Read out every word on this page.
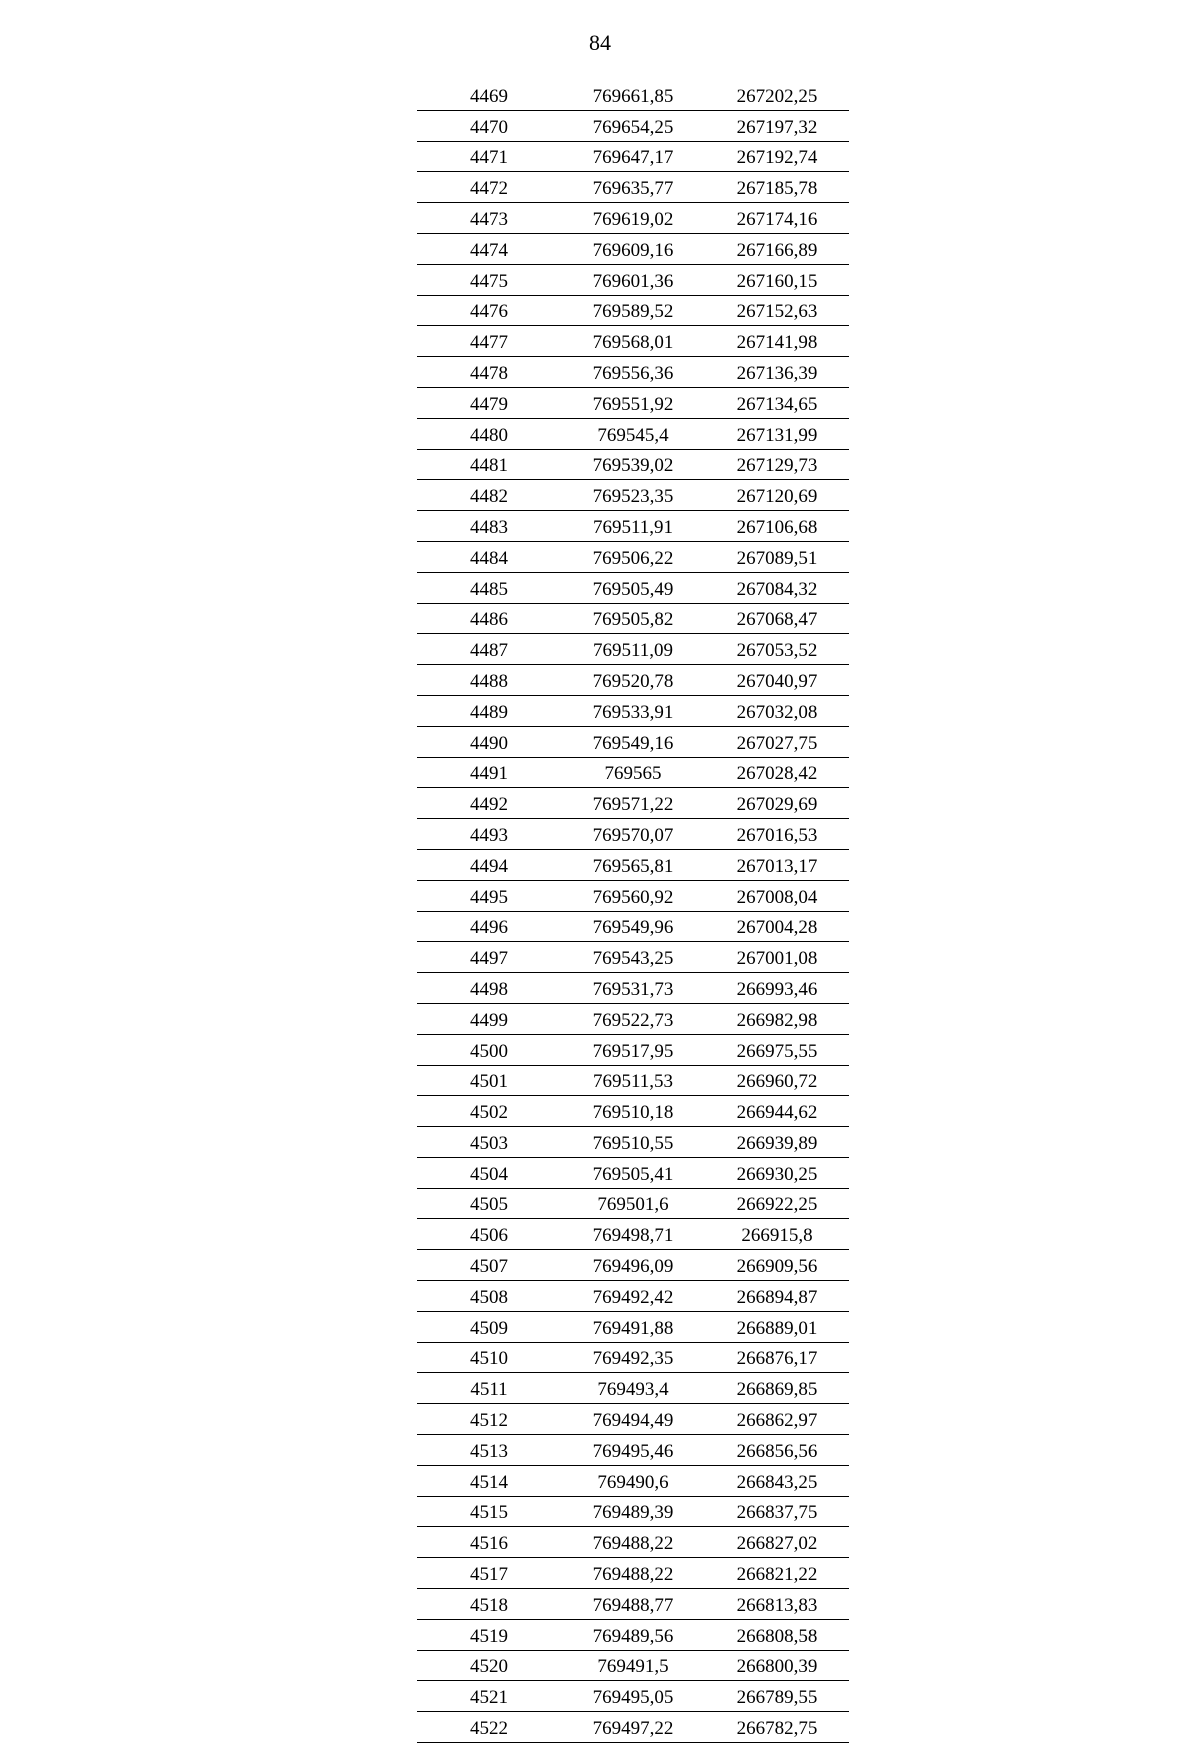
84
4469	769661,85	267202,25
4470	769654,25	267197,32
4471	769647,17	267192,74
4472	769635,77	267185,78
4473	769619,02	267174,16
4474	769609,16	267166,89
4475	769601,36	267160,15
4476	769589,52	267152,63
4477	769568,01	267141,98
4478	769556,36	267136,39
4479	769551,92	267134,65
4480	769545,4	267131,99
4481	769539,02	267129,73
4482	769523,35	267120,69
4483	769511,91	267106,68
4484	769506,22	267089,51
4485	769505,49	267084,32
4486	769505,82	267068,47
4487	769511,09	267053,52
4488	769520,78	267040,97
4489	769533,91	267032,08
4490	769549,16	267027,75
4491	769565	267028,42
4492	769571,22	267029,69
4493	769570,07	267016,53
4494	769565,81	267013,17
4495	769560,92	267008,04
4496	769549,96	267004,28
4497	769543,25	267001,08
4498	769531,73	266993,46
4499	769522,73	266982,98
4500	769517,95	266975,55
4501	769511,53	266960,72
4502	769510,18	266944,62
4503	769510,55	266939,89
4504	769505,41	266930,25
4505	769501,6	266922,25
4506	769498,71	266915,8
4507	769496,09	266909,56
4508	769492,42	266894,87
4509	769491,88	266889,01
4510	769492,35	266876,17
4511	769493,4	266869,85
4512	769494,49	266862,97
4513	769495,46	266856,56
4514	769490,6	266843,25
4515	769489,39	266837,75
4516	769488,22	266827,02
4517	769488,22	266821,22
4518	769488,77	266813,83
4519	769489,56	266808,58
4520	769491,5	266800,39
4521	769495,05	266789,55
4522	769497,22	266782,75
